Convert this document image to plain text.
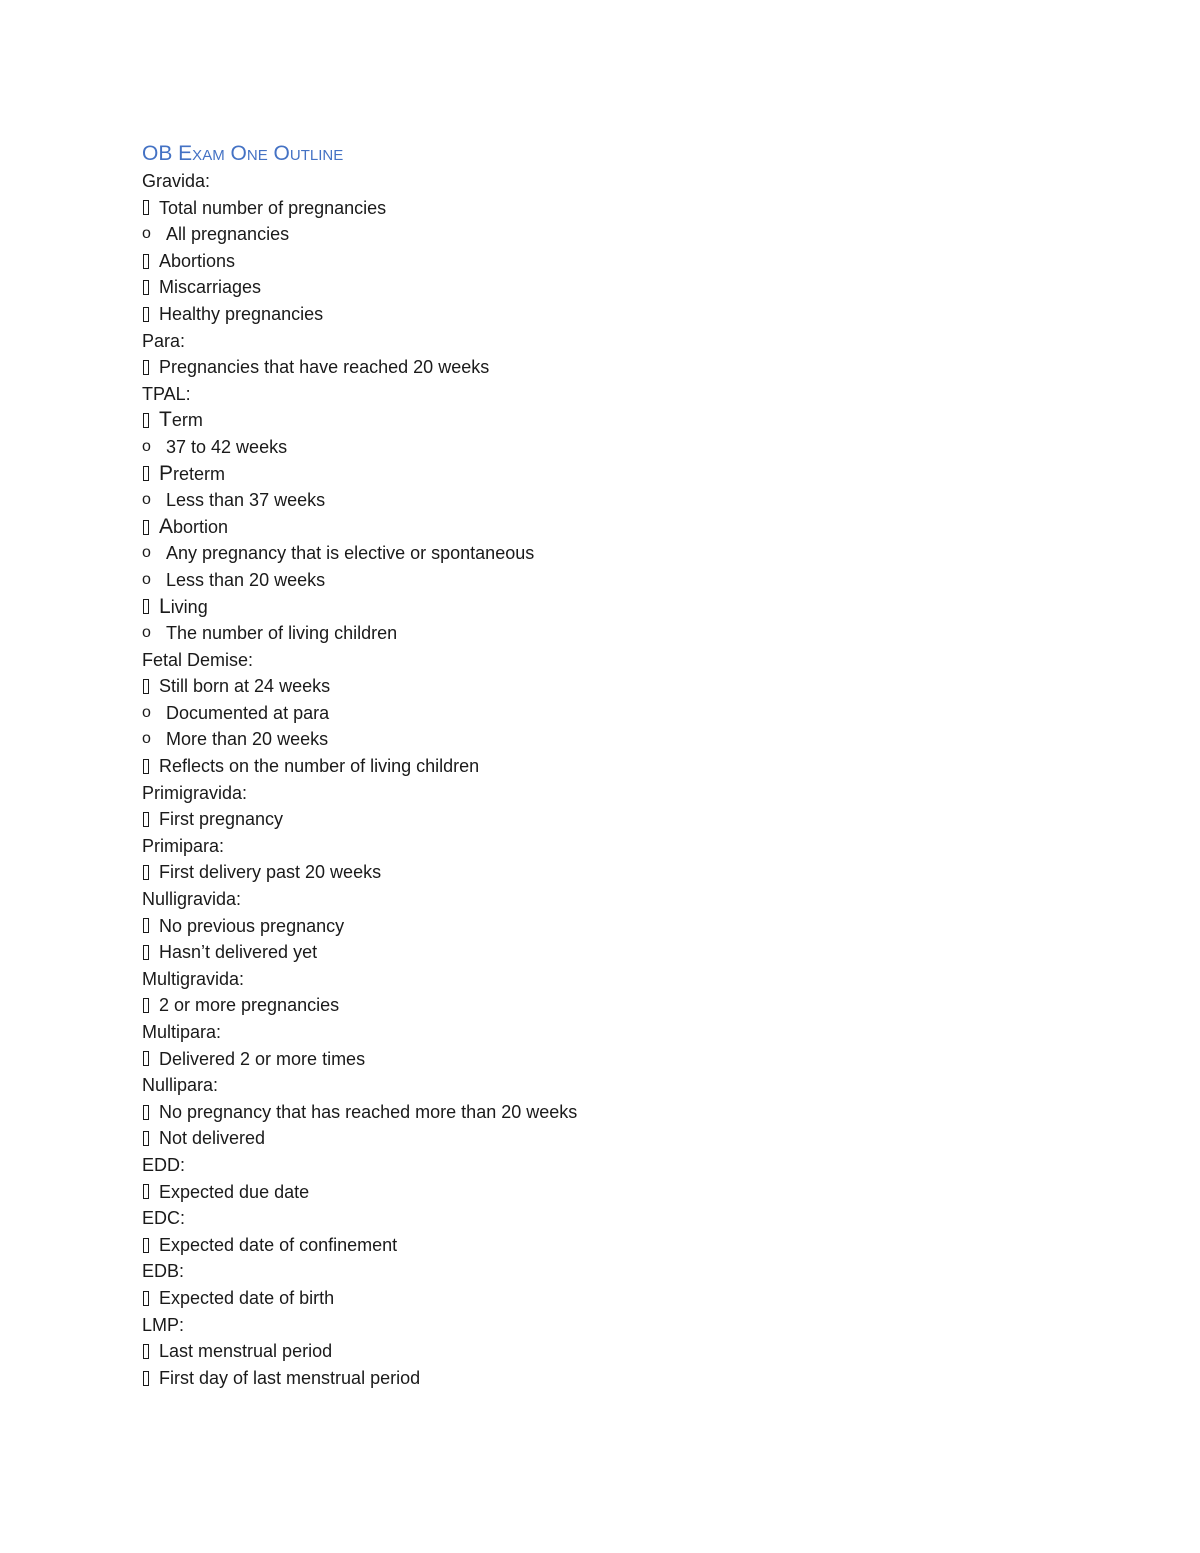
OB Exam One Outline
Gravida:
Total number of pregnancies
o All pregnancies
Abortions
Miscarriages
Healthy pregnancies
Para:
Pregnancies that have reached 20 weeks
TPAL:
T erm
o 37 to 42 weeks
P reterm
o Less than 37 weeks
A bortion
o Any pregnancy that is elective or spontaneous
o Less than 20 weeks
L iving
o The number of living children
Fetal Demise:
Still born at 24 weeks
o Documented at para
o More than 20 weeks
Reflects on the number of living children
Primigravida:
First pregnancy
Primipara:
First delivery past 20 weeks
Nulligravida:
No previous pregnancy
Hasn’t delivered yet
Multigravida:
2 or more pregnancies
Multipara:
Delivered 2 or more times
Nullipara:
No pregnancy that has reached more than 20 weeks
Not delivered
EDD:
Expected due date
EDC:
Expected date of confinement
EDB:
Expected date of birth
LMP:
Last menstrual period
First day of last menstrual period
